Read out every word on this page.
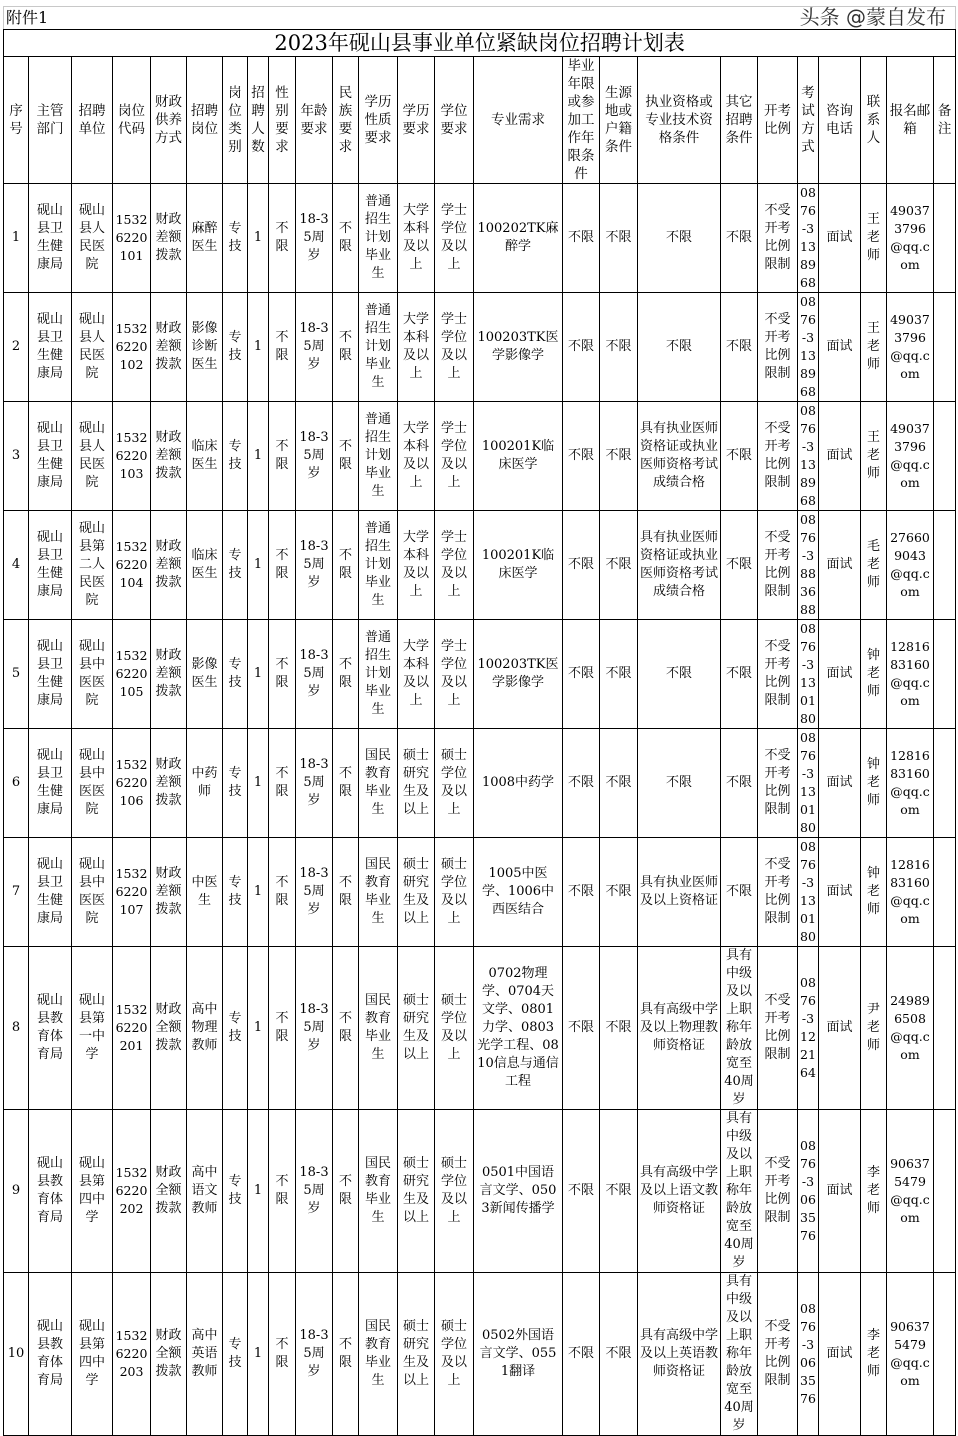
附件1																								
2023年砚山县事业单位紧缺岗位招聘计划表																								
序号	主管部门	招聘单位	岗位代码	财政供养方式	招聘岗位	岗位类别	招聘人数	性别要求	年龄要求	民族要求	学历性质要求	学历要求	学位要求	专业需求	毕业年限或参加工作年限条件	生源地或户籍条件	执业资格或专业技术资格条件	其它招聘条件	开考比例	考试方式	咨询电话	联系人	报名邮箱	备注
1	砚山县卫生健康局	砚山县人民医院	15326220101	财政差额拨款	麻醉医生	专技	1	不限	18-35周岁	不限	普通招生计划毕业生	大学本科及以上	学士学位及以上	100202TK麻醉学	不限	不限	不限	不限	不受开考比例限制	0876-3138968	面试	王老师	490373796@qq.com	
2	砚山县卫生健康局	砚山县人民医院	15326220102	财政差额拨款	影像诊断医生	专技	1	不限	18-35周岁	不限	普通招生计划毕业生	大学本科及以上	学士学位及以上	100203TK医学影像学	不限	不限	不限	不限	不受开考比例限制	0876-3138968	面试	王老师	490373796@qq.com	
3	砚山县卫生健康局	砚山县人民医院	15326220103	财政差额拨款	临床医生	专技	1	不限	18-35周岁	不限	普通招生计划毕业生	大学本科及以上	学士学位及以上	100201K临床医学	不限	不限	具有执业医师资格证或执业医师资格考试成绩合格	不限	不受开考比例限制	0876-3138968	面试	王老师	490373796@qq.com	
4	砚山县卫生健康局	砚山县第二人民医院	15326220104	财政差额拨款	临床医生	专技	1	不限	18-35周岁	不限	普通招生计划毕业生	大学本科及以上	学士学位及以上	100201K临床医学	不限	不限	具有执业医师资格证或执业医师资格考试成绩合格	不限	不受开考比例限制	0876-3883688	面试	毛老师	276609043@qq.com	
5	砚山县卫生健康局	砚山县中医医院	15326220105	财政差额拨款	影像医生	专技	1	不限	18-35周岁	不限	普通招生计划毕业生	大学本科及以上	学士学位及以上	100203TK医学影像学	不限	不限	不限	不限	不受开考比例限制	0876-3130180	面试	钟老师	1281683160@qq.com	
6	砚山县卫生健康局	砚山县中医医院	15326220106	财政差额拨款	中药师	专技	1	不限	18-35周岁	不限	国民教育毕业生	硕士研究生及以上	硕士学位及以上	1008中药学	不限	不限	不限	不限	不受开考比例限制	0876-3130180	面试	钟老师	1281683160@qq.com	
7	砚山县卫生健康局	砚山县中医医院	15326220107	财政差额拨款	中医生	专技	1	不限	18-35周岁	不限	国民教育毕业生	硕士研究生及以上	硕士学位及以上	1005中医学、1006中西医结合	不限	不限	具有执业医师及以上资格证	不限	不受开考比例限制	0876-3130180	面试	钟老师	1281683160@qq.com	
8	砚山县教育体育局	砚山县第一中学	15326220201	财政全额拨款	高中物理教师	专技	1	不限	18-35周岁	不限	国民教育毕业生	硕士研究生及以上	硕士学位及以上	0702物理学、0704天文学、0801力学、0803光学工程、0810信息与通信工程	不限	不限	具有高级中学及以上物理教师资格证	具有中级及以上职称年龄放宽至40周岁	不受开考比例限制	0876-3122164	面试	尹老师	249896508@qq.com	
9	砚山县教育体育局	砚山县第四中学	15326220202	财政全额拨款	高中语文教师	专技	1	不限	18-35周岁	不限	国民教育毕业生	硕士研究生及以上	硕士学位及以上	0501中国语言文学、0503新闻传播学	不限	不限	具有高级中学及以上语文教师资格证	具有中级及以上职称年龄放宽至40周岁	不受开考比例限制	0876-3063576	面试	李老师	906375479@qq.com	
10	砚山县教育体育局	砚山县第四中学	15326220203	财政全额拨款	高中英语教师	专技	1	不限	18-35周岁	不限	国民教育毕业生	硕士研究生及以上	硕士学位及以上	0502外国语言文学、0551翻译	不限	不限	具有高级中学及以上英语教师资格证	具有中级及以上职称年龄放宽至40周岁	不受开考比例限制	0876-3063576	面试	李老师	906375479@qq.com	
头条 @蒙自发布
